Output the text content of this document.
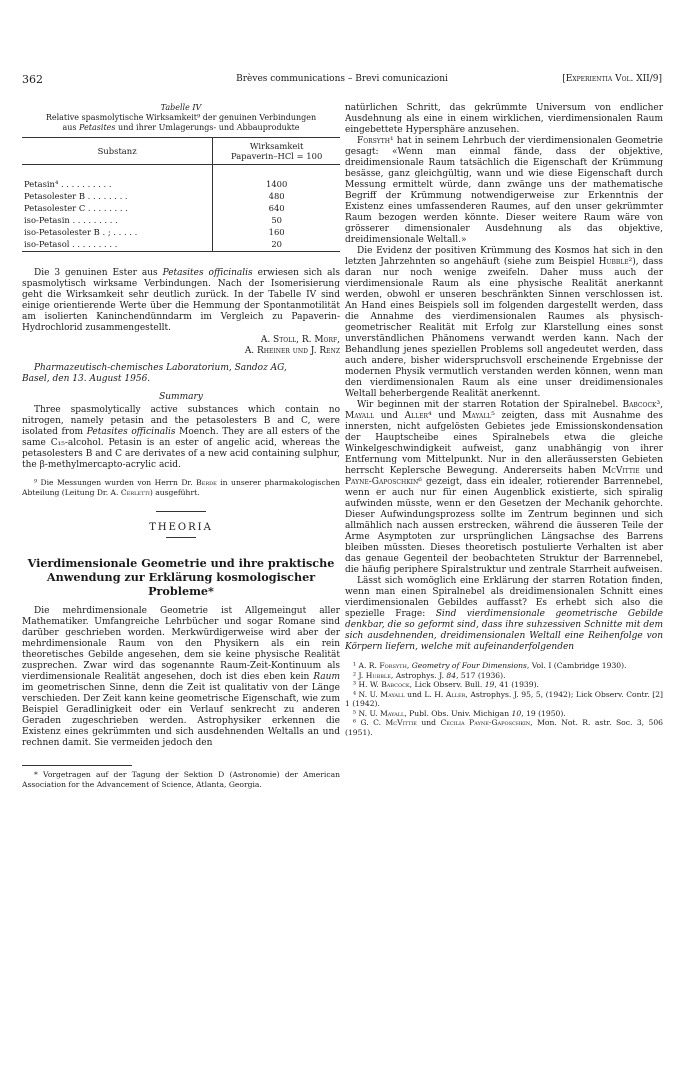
362	Brèves communications – Brevi comunicazioni	[Experientia Vol. XII/9]
Tabelle IV
Relative spasmolytische Wirksamkeit⁹ der genuinen Verbindungen
aus Petasites und ihrer Umlagerungs- und Abbauprodukte
Substanz	Wirksamkeit
Papaverin–HCl = 100
Petasin⁴ . . . . . . . . . .	1400
Petasolester B . . . . . . . .	480
Petasolester C . . . . . . . .	640
iso-Petasin . . . . . . . . .	50
iso-Petasolester B . ; . . . . .	160
iso-Petasol . . . . . . . . .	20

Die 3 genuinen Ester aus Petasites officinalis erwiesen sich als spasmolytisch wirksame Verbindungen. Nach der Isomerisierung geht die Wirksamkeit sehr deutlich zurück. In der Tabelle IV sind einige orientierende Werte über die Hemmung der Spontanmotilität am isolierten Kaninchendünndarm im Vergleich zu Papaverin-Hydrochlorid zusammengestellt.

A. Stoll, R. Morf,
A. Rheiner und J. Renz
Pharmazeutisch-chemisches Laboratorium, Sandoz AG,
Basel, den 13. August 1956.
Summary

Three spasmolytically active substances which contain no nitrogen, namely petasin and the petasolesters B and C, were isolated from Petasites officinalis Moench. They are all esters of the same C₁₅-alcohol. Petasin is an ester of angelic acid, whereas the petasolesters B and C are derivates of a new acid containing sulphur, the β-methylmercapto-acrylic acid.

⁹ Die Messungen wurden von Herrn Dr. Berde in unserer pharmakologischen Abteilung (Leitung Dr. A. Cerletti) ausgeführt.

THEORIA
Vierdimensionale Geometrie und ihre praktische Anwendung zur Erklärung kosmologischer Probleme*

Die mehrdimensionale Geometrie ist Allgemeingut aller Mathematiker. Umfangreiche Lehrbücher und sogar Romane sind darüber geschrieben worden. Merkwürdigerweise wird aber der mehrdimensionale Raum von den Physikern als ein rein theoretisches Gebilde angesehen, dem sie keine physische Realität zusprechen. Zwar wird das sogenannte Raum-Zeit-Kontinuum als vierdimensionale Realität angesehen, doch ist dies eben kein Raum im geometrischen Sinne, denn die Zeit ist qualitativ von der Länge verschieden. Der Zeit kann keine geometrische Eigenschaft, wie zum Beispiel Geradlinigkeit oder ein Verlauf senkrecht zu anderen Geraden zugeschrieben werden. Astrophysiker erkennen die Existenz eines gekrümmten und sich ausdehnenden Weltalls an und rechnen damit. Sie vermeiden jedoch den

* Vorgetragen auf der Tagung der Sektion D (Astronomie) der American Association for the Advancement of Science, Atlanta, Georgia.

natürlichen Schritt, das gekrümmte Universum von endlicher Ausdehnung als eine in einem wirklichen, vierdimensionalen Raum eingebettete Hypersphäre anzusehen.

Forsyth¹ hat in seinem Lehrbuch der vierdimensionalen Geometrie gesagt: «Wenn man einmal fände, dass der objektive, dreidimensionale Raum tatsächlich die Eigenschaft der Krümmung besässe, ganz gleichgültig, wann und wie diese Eigenschaft durch Messung ermittelt würde, dann zwänge uns der mathematische Begriff der Krümmung notwendigerweise zur Erkenntnis der Existenz eines umfassenderen Raumes, auf den unser gekrümmter Raum bezogen werden könnte. Dieser weitere Raum wäre von grösserer dimensionaler Ausdehnung als das objektive, dreidimensionale Weltall.»

Die Evidenz der positiven Krümmung des Kosmos hat sich in den letzten Jahrzehnten so angehäuft (siehe zum Beispiel Hubble²), dass daran nur noch wenige zweifeln. Daher muss auch der vierdimensionale Raum als eine physische Realität anerkannt werden, obwohl er unseren beschränkten Sinnen verschlossen ist. An Hand eines Beispiels soll im folgenden dargestellt werden, dass die Annahme des vierdimensionalen Raumes als physisch-geometrischer Realität mit Erfolg zur Klarstellung eines sonst unverständlichen Phänomens verwandt werden kann. Nach der Behandlung jenes speziellen Problems soll angedeutet werden, dass auch andere, bisher widerspruchsvoll erscheinende Ergebnisse der modernen Physik vermutlich verstanden werden können, wenn man den vierdimensionalen Raum als eine unser dreidimensionales Weltall beherbergende Realität anerkennt.

Wir beginnen mit der starren Rotation der Spiralnebel. Babcock³, Mayall und Aller⁴ und Mayall⁵ zeigten, dass mit Ausnahme des innersten, nicht aufgelösten Gebietes jede Emissionskondensation der Hauptscheibe eines Spiralnebels etwa die gleiche Winkelgeschwindigkeit aufweist, ganz unabhängig von ihrer Entfernung vom Mittelpunkt. Nur in den alleräussersten Gebieten herrscht Keplersche Bewegung. Andererseits haben McVittie und Payne-Gaposchkin⁶ gezeigt, dass ein idealer, rotierender Barrennebel, wenn er auch nur für einen Augenblick existierte, sich spiralig aufwinden müsste, wenn er den Gesetzen der Mechanik gehorchte. Dieser Aufwindungsprozess sollte im Zentrum beginnen und sich allmählich nach aussen erstrecken, während die äusseren Teile der Arme Asymptoten zur ursprünglichen Längsachse des Barrens bleiben müssten. Dieses theoretisch postulierte Verhalten ist aber das genaue Gegenteil der beobachteten Struktur der Barrennebel, die häufig periphere Spiralstruktur und zentrale Starrheit aufweisen.

Lässt sich womöglich eine Erklärung der starren Rotation finden, wenn man einen Spiralnebel als dreidimensionalen Schnitt eines vierdimensionalen Gebildes auffasst? Es erhebt sich also die spezielle Frage: Sind vierdimensionale geometrische Gebilde denkbar, die so geformt sind, dass ihre suhzessiven Schnitte mit dem sich ausdehnenden, dreidimensionalen Weltall eine Reihenfolge von Körpern liefern, welche mit aufeinanderfolgenden

¹ A. R. Forsyth, Geometry of Four Dimensions, Vol. I (Cambridge 1930).

² J. Hubble, Astrophys. J. 84, 517 (1936).

³ H. W. Babcock, Lick Observ. Bull. 19, 41 (1939).

⁴ N. U. Mayall und L. H. Aller, Astrophys. J. 95, 5, (1942); Lick Observ. Contr. [2] 1 (1942).

⁵ N. U. Mayall, Publ. Obs. Univ. Michigan 10, 19 (1950).

⁶ G. C. McVittie und Cecilia Payne-Gaposchkin, Mon. Not. R. astr. Soc. 3, 506 (1951).
